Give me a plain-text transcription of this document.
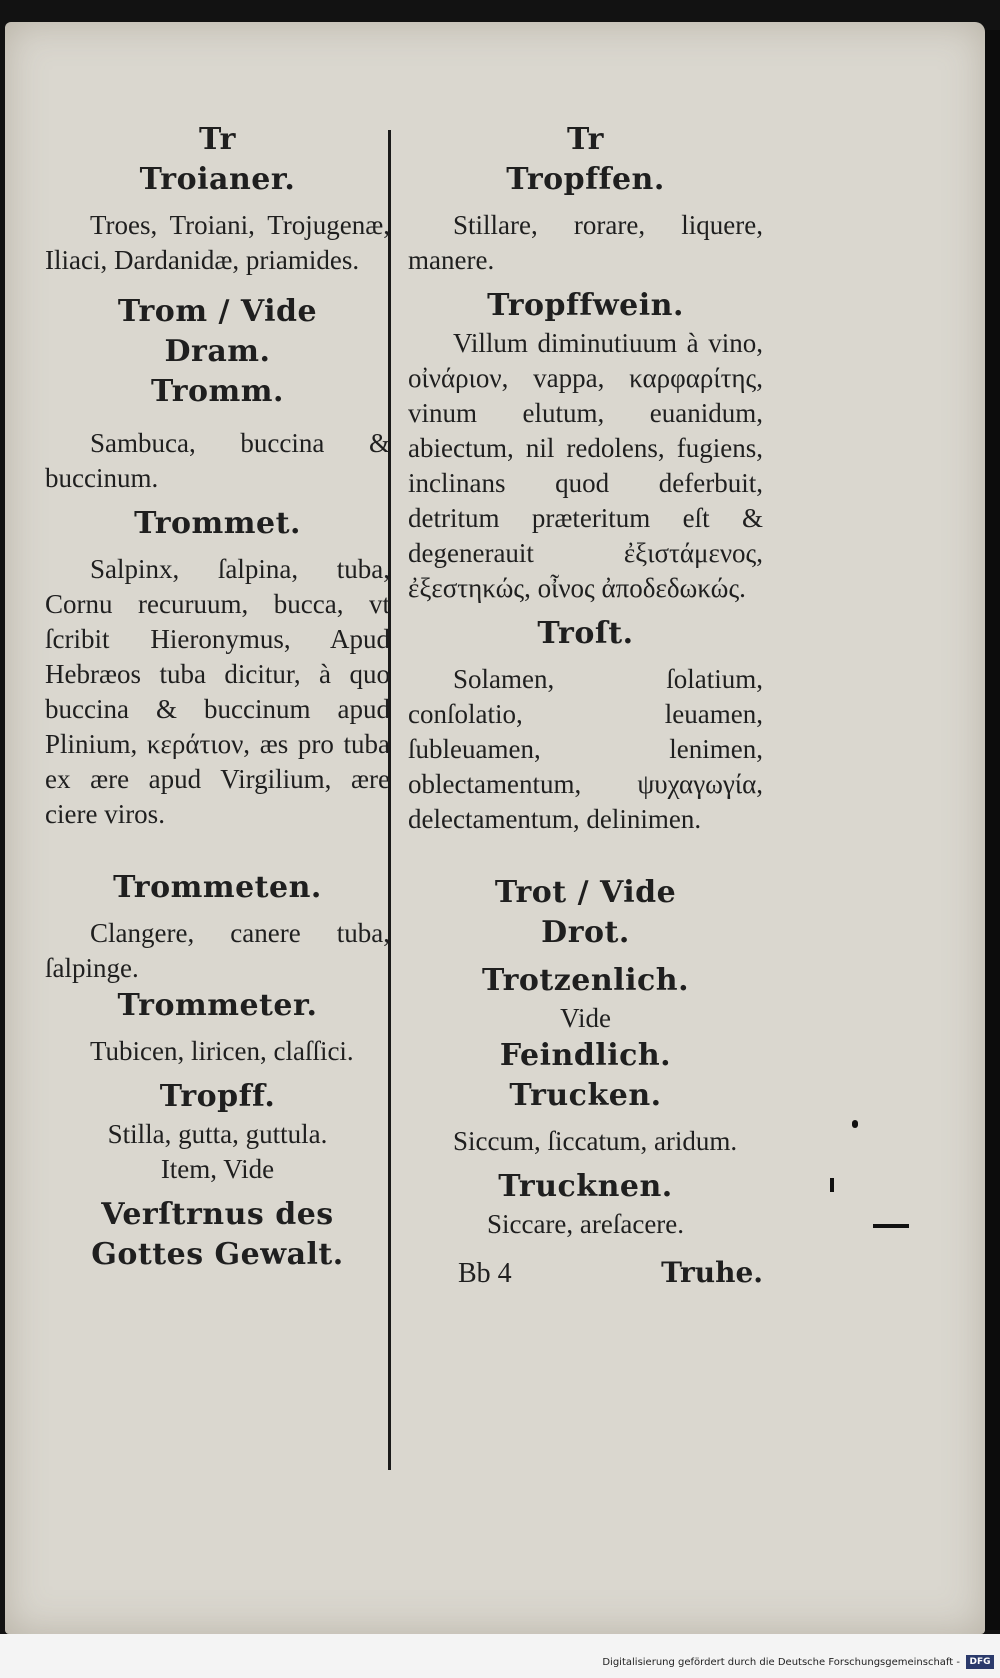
Tr
Troianer.

Troes, Troiani, Trojugenæ, Iliaci, Dardanidæ, priamides.

Trom / Vide
Dram.
Tromm.

Sambuca, buccina & buccinum.

Trommet.

Salpinx, ſalpina, tuba, Cornu recuruum, bucca, vt ſcribit Hieronymus, Apud Hebræos tuba dicitur, à quo buccina & buccinum apud Plinium, κεράτιον, æs pro tuba ex ære apud Virgilium, ære ciere viros.

Trommeten.

Clangere, canere tuba, ſalpinge.

Trommeter.

Tubicen, liricen, claſſici.

Tropff.

Stilla, gutta, guttula.

Item, Vide

Verſtrnus des Gottes Gewalt.
Tr
Tropffen.

Stillare, rorare, liquere, manere.

Tropffwein.

Villum diminutiuum à vino, οἰνάριον, vappa, καρφαρίτης, vinum elutum, euanidum, abiectum, nil redolens, fugiens, inclinans quod deferbuit, detritum præteritum eſt & degenerauit ἐξιστάμενος, ἐξεστηκώς, οἶνος ἀποδεδωκώς.

Troſt.

Solamen, ſolatium, conſolatio, leuamen, ſubleuamen, lenimen, oblectamentum, ψυχαγωγία, delectamentum, delinimen.

Trot / Vide
Drot.
Trotzenlich.

Vide

Feindlich.
Trucken.

Siccum, ſiccatum, aridum.

Trucknen.

Siccare, areſacere.

Bb 4	Truhe.
Digitalisierung gefördert durch die Deutsche Forschungsgemeinschaft -	DFG
